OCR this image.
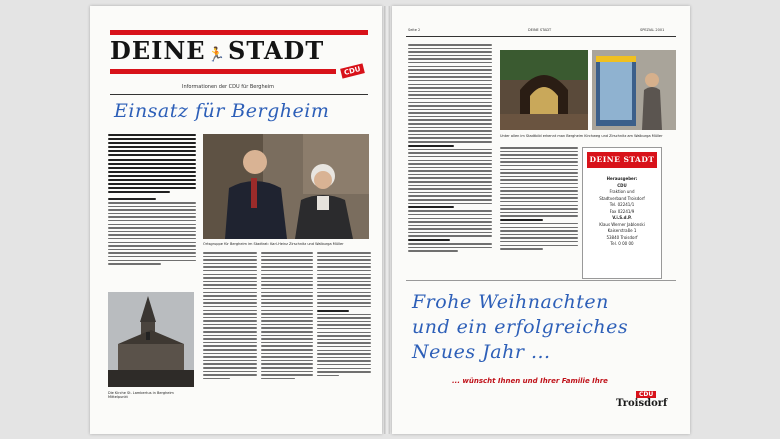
DEINE 🏃STADT
CDU
Informationen der CDU für Bergheim
Einsatz für Bergheim
Ortsgruppe für Bergheim im Stadtrat: Karl-Heinz Zirschnitz und Walburga Müller
Die Kirche St. Lambertus in Bergheim Mittelpunkt
Seite 2	DEINE STADT	SPEZIAL 2001
Unter allen im Stadtbild erkennt man Bergheim Kirchweg und Zirschnitz am Walburga Müller
DEINE STADT
Herausgeber:
CDU
Fraktion und
Stadtverband Troisdorf
Tel. 02241/1
Fax 02241/9
V.i.S.d.P.
Klaus Werner Jablonski
Kaiserstraße 1
53840 Troisdorf
Tel. 0 00 00
Frohe Weihnachten
und ein erfolgreiches
Neues Jahr ...
... wünscht Ihnen und Ihrer Familie Ihre
CDU
Troisdorf
